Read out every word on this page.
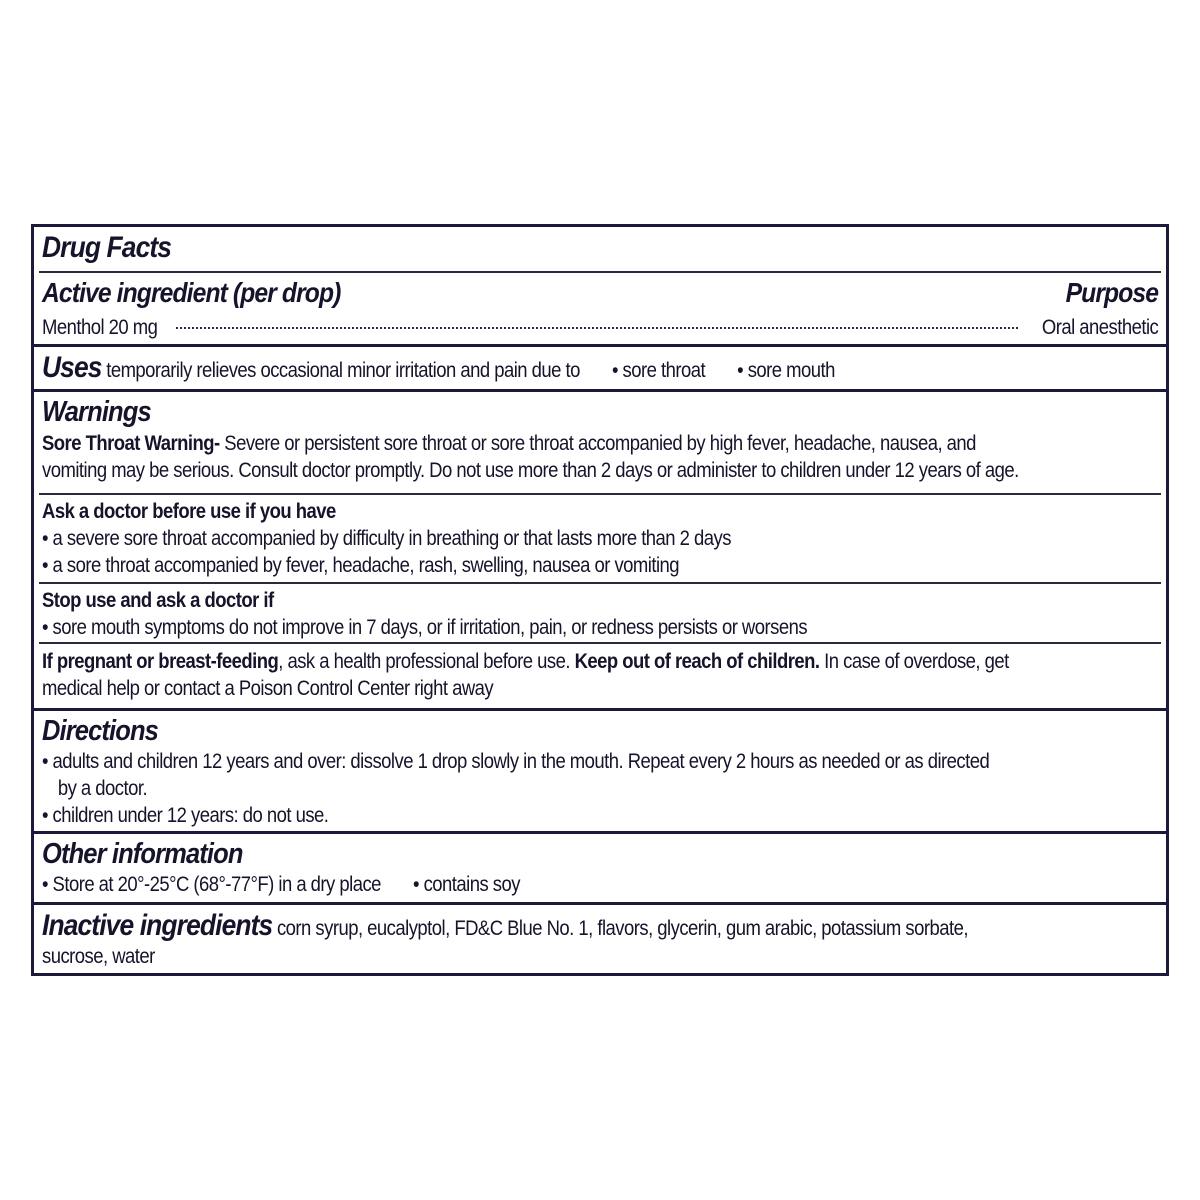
Drug Facts
Active ingredient (per drop)	Purpose
Menthol 20 mg	Oral anesthetic
Uses temporarily relieves occasional minor irritation and pain due to • sore throat • sore mouth
Warnings
Sore Throat Warning- Severe or persistent sore throat or sore throat accompanied by high fever, headache, nausea, and
vomiting may be serious. Consult doctor promptly. Do not use more than 2 days or administer to children under 12 years of age.
Ask a doctor before use if you have
• a severe sore throat accompanied by difficulty in breathing or that lasts more than 2 days
• a sore throat accompanied by fever, headache, rash, swelling, nausea or vomiting
Stop use and ask a doctor if
• sore mouth symptoms do not improve in 7 days, or if irritation, pain, or redness persists or worsens
If pregnant or breast-feeding, ask a health professional before use. Keep out of reach of children. In case of overdose, get
medical help or contact a Poison Control Center right away
Directions
• adults and children 12 years and over: dissolve 1 drop slowly in the mouth. Repeat every 2 hours as needed or as directed
by a doctor.
• children under 12 years: do not use.
Other information
• Store at 20°-25°C (68°-77°F) in a dry place • contains soy
Inactive ingredients corn syrup, eucalyptol, FD&C Blue No. 1, flavors, glycerin, gum arabic, potassium sorbate,
sucrose, water
